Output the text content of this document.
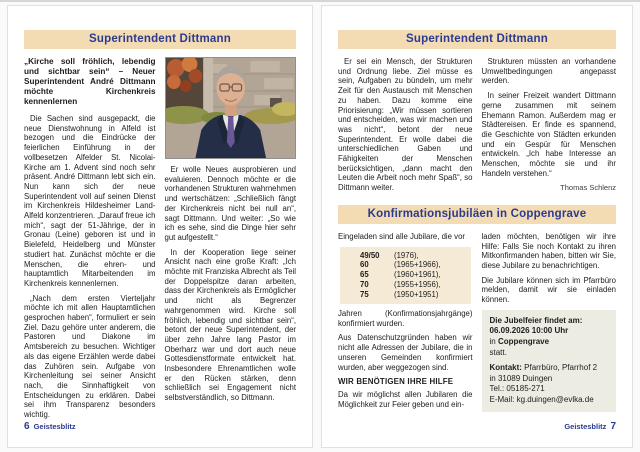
Superintendent Dittmann

„Kirche soll fröhlich, lebendig und sichtbar sein“ – Neuer Superintendent André Dittmann möchte Kirchenkreis kennenlernen

Die Sachen sind ausgepackt, die neue Dienstwohnung in Alfeld ist bezogen und die Eindrücke der feierlichen Einführung in der vollbesetzen Alfelder St. Nicolai-Kirche am 1. Advent sind noch sehr präsent. André Dittmann lebt sich ein. Nun kann sich der neue Superintendent voll auf seinen Dienst im Kirchenkreis Hildesheimer Land-Alfeld konzentrieren. „Darauf freue ich mich“, sagt der 51-Jährige, der in Gronau (Leine) geboren ist und in Bielefeld, Heidelberg und Münster studiert hat. Zunächst möchte er die Menschen, die ehren- und hauptamtlich Mitarbeitenden im Kirchenkreis kennenlernen.

„Nach dem ersten Vierteljahr möchte ich mit allen Hauptamtlichen gesprochen haben“, formuliert er sein Ziel. Dazu gehöre unter anderem, die Pastoren und Diakone im Amtsbereich zu besuchen. Wichtiger als das eigene Erzählen werde dabei das Zuhören sein. Aufgabe von Kirchenleitung sei seiner Ansicht nach, die Sinnhaftigkeit von Entscheidungen zu erklären. Dabei sei ihm Transparenz besonders wichtig.

Er wolle Neues ausprobieren und evaluieren. Dennoch möchte er die vorhandenen Strukturen wahrnehmen und wertschätzen: „Schließlich fängt der Kirchenkreis nicht bei null an“, sagt Dittmann. Und weiter: „So wie ich es sehe, sind die Dinge hier sehr gut aufgestellt.“

In der Kooperation liege seiner Ansicht nach eine große Kraft: „Ich möchte mit Franziska Albrecht als Teil der Doppelspitze daran arbeiten, dass der Kirchenkreis als Ermöglicher und nicht als Begrenzer wahrgenommen wird. Kirche soll fröhlich, lebendig und sichtbar sein“, betont der neue Superintendent, der über zehn Jahre lang Pastor im Oberharz war und dort auch neue Gottesdienstformate entwickelt hat. Insbesondere Ehrenamtlichen wolle er den Rücken stärken, denn schließlich sei Engagement nicht selbstverständlich, so Dittmann.

6 Geistesblitz
Superintendent Dittmann

Er sei ein Mensch, der Strukturen und Ordnung liebe. Ziel müsse es sein, Aufgaben zu bündeln, um mehr Zeit für den Austausch mit Menschen zu haben. Dazu komme eine Priorisierung: „Wir müssen sortieren und entscheiden, was wir machen und was nicht“, betont der neue Superintendent. Er wolle dabei die unterschiedlichen Gaben und Fähigkeiten der Menschen berücksichtigen, „dann macht den Leuten die Arbeit noch mehr Spaß“, so Dittmann weiter.

Strukturen müssten an vorhandene Umweltbedingungen angepasst werden.

In seiner Freizeit wandert Dittmann gerne zusammen mit seinem Ehemann Ramon. Außerdem mag er Städtereisen. Er finde es spannend, die Geschichte von Städten erkunden und ein Gespür für Menschen entwickeln. „Ich habe Interesse an Menschen, möchte sie und ihr Handeln verstehen.“

Thomas Schlenz
Konfirmationsjubiläen in Coppengrave

Eingeladen sind alle Jubilare, die vor

49/50	(1976),
60	(1965+1966),
65	(1960+1961),
70	(1955+1956),
75	(1950+1951)

Jahren (Konfirmationsjahrgänge) konfirmiert wurden.

Aus Datenschutzgründen haben wir nicht alle Adressen der Jubilare, die in unseren Gemeinden konfirmiert wurden, aber weggezogen sind.

WIR BENÖTIGEN IHRE HILFE

Da wir möglichst allen Jubilaren die Möglichkeit zur Feier geben und ein-

laden möchten, benötigen wir ihre Hilfe: Falls Sie noch Kontakt zu ihren Mitkonfirmanden haben, bitten wir Sie, diese Jubilare zu benachrichtigen.

Die Jubilare können sich im Pfarrbüro melden, damit wir sie einladen können.

Die Jubelfeier findet am:
06.09.2026 10:00 Uhr
in Coppengrave
statt.
Kontakt: Pfarrbüro, Pfarrhof 2
in 31089 Duingen
Tel.: 05185-271
E-Mail: kg.duingen@evlka.de
Geistesblitz 7
